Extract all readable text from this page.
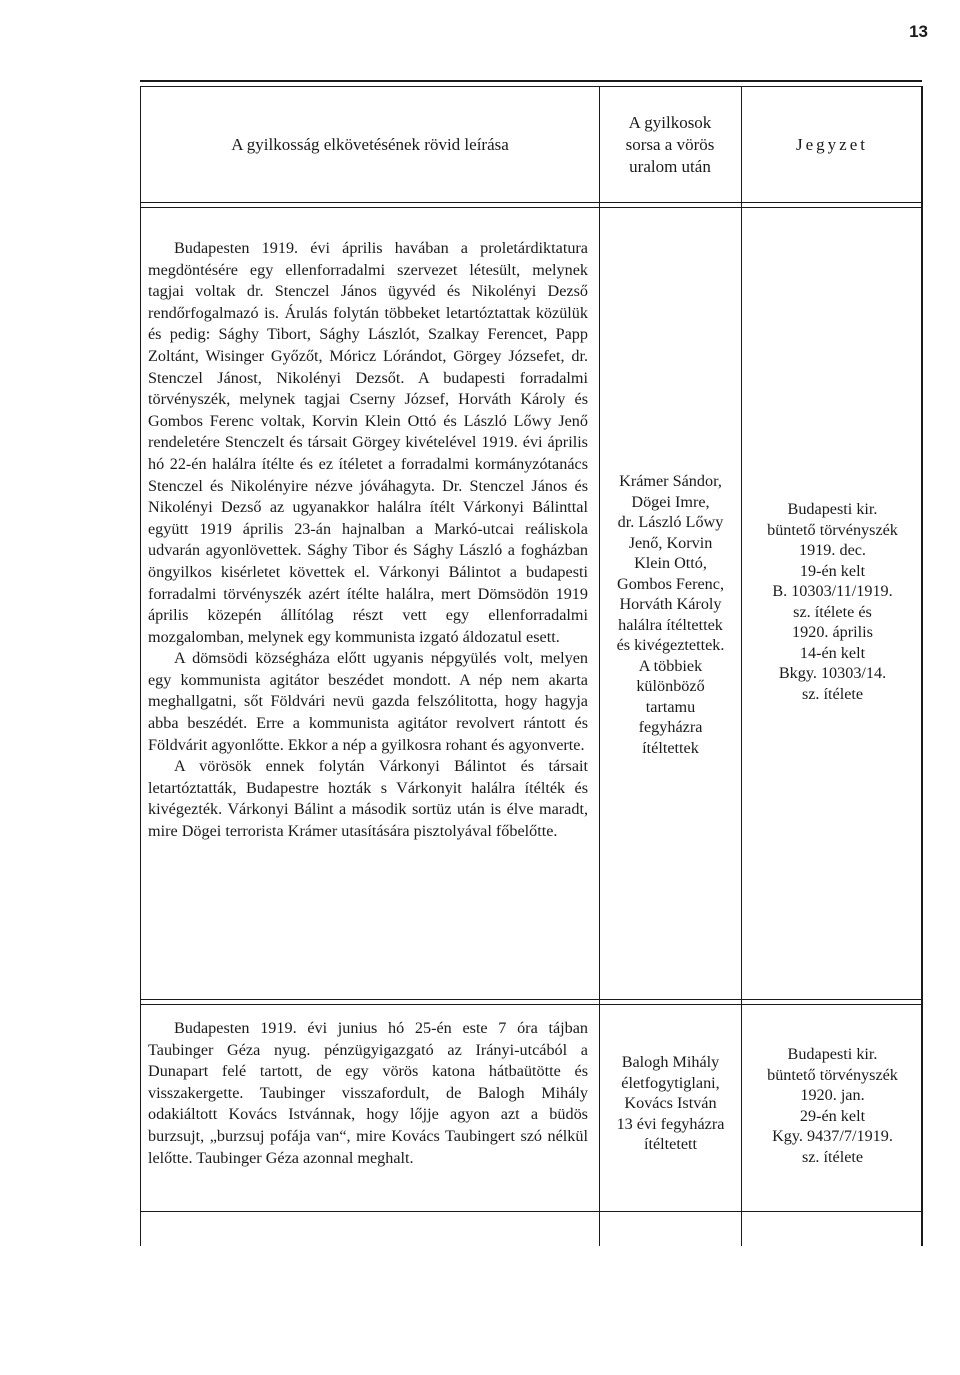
13
A gyilkosság elkövetésének rövid leírása
A gyilkosok
sorsa a vörös
uralom után
Jegyzet

Budapesten 1919. évi április havában a proletárdiktatura megdöntésére egy ellenforradalmi szervezet létesült, melynek tagjai voltak dr. Stenczel János ügyvéd és Nikolényi Dezső rendőrfogalmazó is. Árulás folytán többeket letartóztattak közülük és pedig: Sághy Tibort, Sághy Lászlót, Szalkay Ferencet, Papp Zoltánt, Wisinger Győzőt, Móricz Lórándot, Görgey Józsefet, dr. Stenczel Jánost, Nikolényi Dezsőt. A budapesti forradalmi törvényszék, melynek tagjai Cserny József, Horváth Károly és Gombos Ferenc voltak, Korvin Klein Ottó és László Lőwy Jenő rendeletére Stenczelt és társait Görgey kivételével 1919. évi április hó 22-én halálra ítélte és ez ítéletet a forradalmi kormányzótanács Stenczel és Nikolényire nézve jóváhagyta. Dr. Stenczel János és Nikolényi Dezső az ugyanakkor halálra ítélt Várkonyi Bálinttal együtt 1919 április 23-án hajnalban a Markó-utcai reáliskola udvarán agyonlövettek. Sághy Tibor és Sághy László a fogházban öngyilkos kisérletet követtek el. Várkonyi Bálintot a budapesti forradalmi törvényszék azért ítélte halálra, mert Dömsödön 1919 április közepén állítólag részt vett egy ellenforradalmi mozgalomban, melynek egy kommunista izgató áldozatul esett.

A dömsödi községháza előtt ugyanis népgyülés volt, melyen egy kommunista agitátor beszédet mondott. A nép nem akarta meghallgatni, sőt Földvári nevü gazda felszólitotta, hogy hagyja abba beszédét. Erre a kommunista agitátor revolvert rántott és Földvárit agyonlőtte. Ekkor a nép a gyilkosra rohant és agyonverte.

A vörösök ennek folytán Várkonyi Bálintot és társait letartóztatták, Budapestre hozták s Várkonyit halálra ítélték és kivégezték. Várkonyi Bálint a második sortüz után is élve maradt, mire Dögei terrorista Krámer utasítására pisztolyával főbelőtte.

Krámer Sándor,

Dögei Imre,

dr. László Lőwy

Jenő, Korvin

Klein Ottó,

Gombos Ferenc,

Horváth Károly

halálra ítéltettek

és kivégeztettek.

A többiek különböző tartamu

fegyházra

ítéltettek

Budapesti kir.

büntető törvényszék 1919. dec.

19-én kelt

B. 10303/11/1919.

sz. ítélete és

1920. április

14-én kelt

Bkgy. 10303/14.

sz. ítélete

Budapesten 1919. évi junius hó 25-én este 7 óra tájban Taubinger Géza nyug. pénzügyigazgató az Irányi-utcából a Dunapart felé tartott, de egy vörös katona hátbaütötte és visszakergette. Taubinger visszafordult, de Balogh Mihály odakiáltott Kovács Istvánnak, hogy lőjje agyon azt a büdös burzsujt, „burzsuj pofája van“, mire Kovács Taubingert szó nélkül lelőtte. Taubinger Géza azonnal meghalt.

Balogh Mihály

életfogytiglani,

Kovács István

13 évi fegyházra

ítéltetett

Budapesti kir.

büntető törvényszék 1920. jan.

29-én kelt

Kgy. 9437/7/1919.

sz. ítélete
